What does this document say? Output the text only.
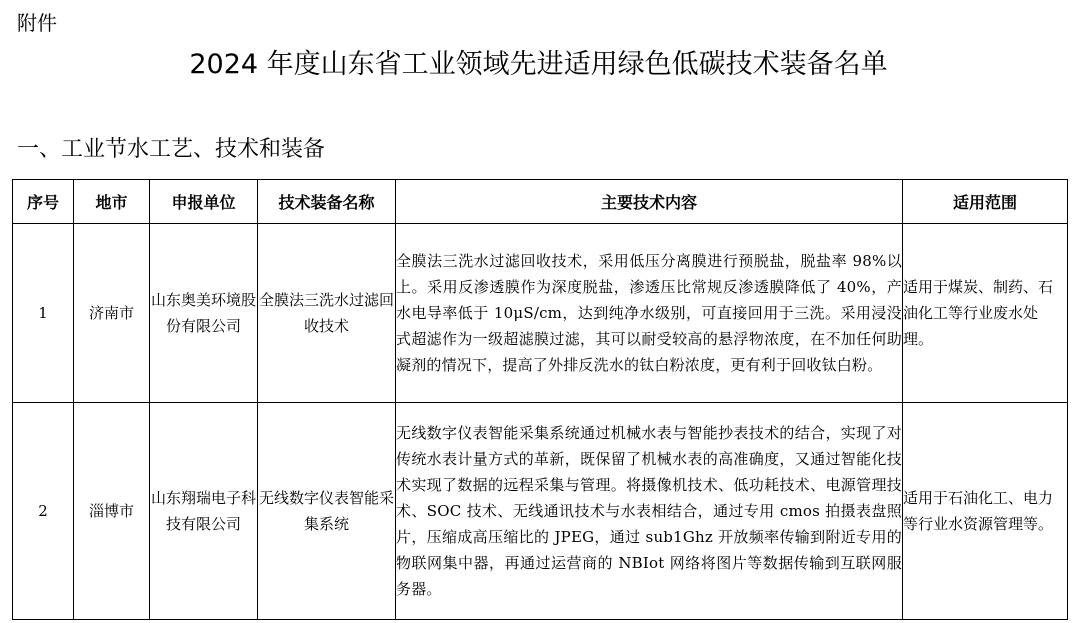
附件
2024 年度山东省工业领域先进适用绿色低碳技术装备名单
一、工业节水工艺、技术和装备
序号	地市	申报单位	技术装备名称	主要技术内容	适用范围
1	济南市	山东奥美环境股份有限公司	全膜法三洗水过滤回收技术	全膜法三洗水过滤回收技术，采用低压分离膜进行预脱盐，脱盐率 98%以上。采用反渗透膜作为深度脱盐，渗透压比常规反渗透膜降低了 40%，产水电导率低于 10μS/cm，达到纯净水级别，可直接回用于三洗。采用浸没式超滤作为一级超滤膜过滤，其可以耐受较高的悬浮物浓度，在不加任何助凝剂的情况下，提高了外排反洗水的钛白粉浓度，更有利于回收钛白粉。	适用于煤炭、制药、石油化工等行业废水处理。
2	淄博市	山东翔瑞电子科技有限公司	无线数字仪表智能采集系统	无线数字仪表智能采集系统通过机械水表与智能抄表技术的结合，实现了对传统水表计量方式的革新，既保留了机械水表的高准确度，又通过智能化技术实现了数据的远程采集与管理。将摄像机技术、低功耗技术、电源管理技术、SOC 技术、无线通讯技术与水表相结合，通过专用 cmos 拍摄表盘照片，压缩成高压缩比的 JPEG，通过 sub1Ghz 开放频率传输到附近专用的物联网集中器，再通过运营商的 NBIot 网络将图片等数据传输到互联网服务器。	适用于石油化工、电力等行业水资源管理等。
